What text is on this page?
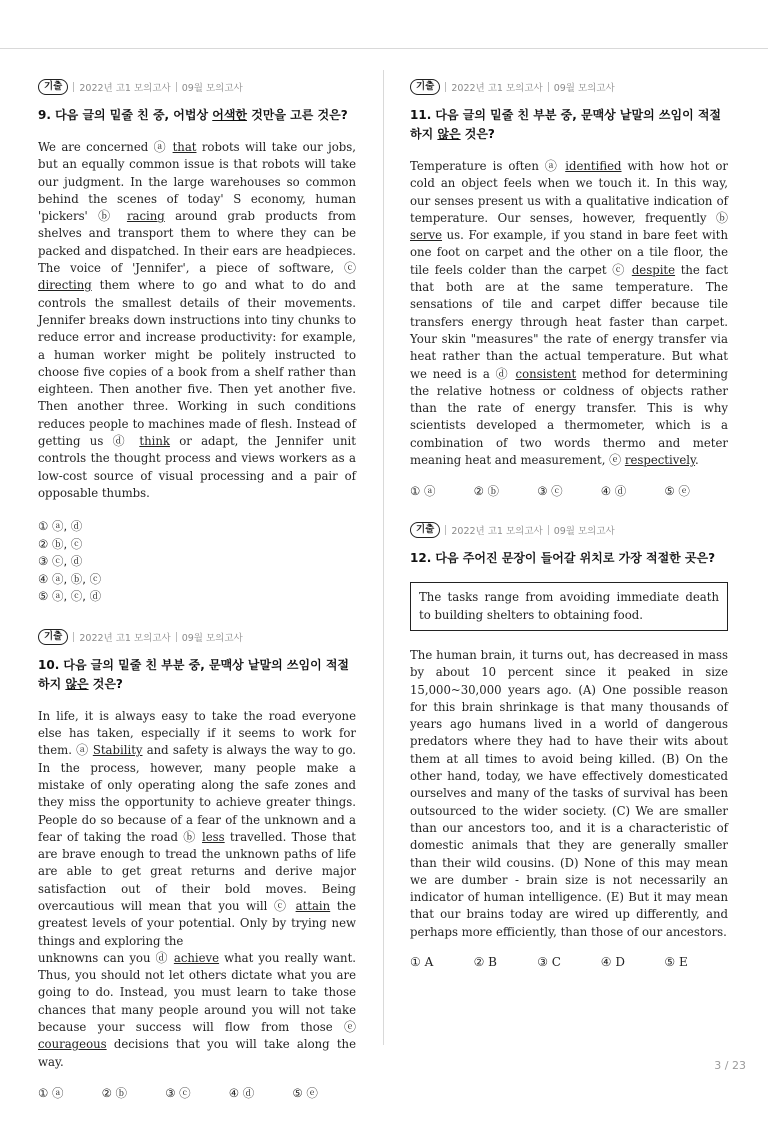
기출	2022년 고1 모의고사 09월 모의고사

9. 다음 글의 밑줄 친 중, 어법상 어색한 것만을 고른 것은?

We are concerned ⓐ that robots will take our jobs, but an equally common issue is that robots will take our judgment. In the large warehouses so common behind the scenes of today' S economy, human 'pickers' ⓑ racing around grab products from shelves and transport them to where they can be packed and dispatched. In their ears are headpieces. The voice of 'Jennifer', a piece of software, ⓒ directing them where to go and what to do and controls the smallest details of their movements. Jennifer breaks down instructions into tiny chunks to reduce error and increase productivity: for example, a human worker might be politely instructed to choose five copies of a book from a shelf rather than eighteen. Then another five. Then yet another five. Then another three. Working in such conditions reduces people to machines made of flesh. Instead of getting us ⓓ think or adapt, the Jennifer unit controls the thought process and views workers as a low-cost source of visual processing and a pair of opposable thumbs.

① ⓐ, ⓓ
② ⓑ, ⓒ
③ ⓒ, ⓓ
④ ⓐ, ⓑ, ⓒ
⑤ ⓐ, ⓒ, ⓓ
기출	2022년 고1 모의고사 09월 모의고사

10. 다음 글의 밑줄 친 부분 중, 문맥상 낱말의 쓰임이 적절하지 않은 것은?

In life, it is always easy to take the road everyone else has taken, especially if it seems to work for them. ⓐ Stability and safety is always the way to go. In the process, however, many people make a mistake of only operating along the safe zones and they miss the opportunity to achieve greater things. People do so because of a fear of the unknown and a fear of taking the road ⓑ less travelled. Those that are brave enough to tread the unknown paths of life are able to get great returns and derive major satisfaction out of their bold moves. Being overcautious will mean that you will ⓒ attain the greatest levels of your potential. Only by trying new things and exploring the
unknowns can you ⓓ achieve what you really want. Thus, you should not let others dictate what you are going to do. Instead, you must learn to take those chances that many people around you will not take because your success will flow from those ⓔ courageous decisions that you will take along the way.

① ⓐ	② ⓑ	③ ⓒ	④ ⓓ	⑤ ⓔ
기출	2022년 고1 모의고사 09월 모의고사

11. 다음 글의 밑줄 친 부분 중, 문맥상 낱말의 쓰임이 적절하지 않은 것은?

Temperature is often ⓐ identified with how hot or cold an object feels when we touch it. In this way, our senses present us with a qualitative indication of temperature. Our senses, however, frequently ⓑ serve us. For example, if you stand in bare feet with one foot on carpet and the other on a tile floor, the tile feels colder than the carpet ⓒ despite the fact that both are at the same temperature. The sensations of tile and carpet differ because tile transfers energy through heat faster than carpet. Your skin "measures" the rate of energy transfer via heat rather than the actual temperature. But what we need is a ⓓ consistent method for determining the relative hotness or coldness of objects rather than the rate of energy transfer. This is why scientists developed a thermometer, which is a combination of two words thermo and meter meaning heat and measurement, ⓔ respectively.

① ⓐ	② ⓑ	③ ⓒ	④ ⓓ	⑤ ⓔ
기출	2022년 고1 모의고사 09월 모의고사

12. 다음 주어진 문장이 들어갈 위치로 가장 적절한 곳은?

The tasks range from avoiding immediate death to building shelters to obtaining food.

The human brain, it turns out, has decreased in mass by about 10 percent since it peaked in size 15,000~30,000 years ago. (A) One possible reason for this brain shrinkage is that many thousands of years ago humans lived in a world of dangerous predators where they had to have their wits about them at all times to avoid being killed. (B) On the other hand, today, we have effectively domesticated ourselves and many of the tasks of survival has been outsourced to the wider society. (C) We are smaller than our ancestors too, and it is a characteristic of domestic animals that they are generally smaller than their wild cousins. (D) None of this may mean we are dumber - brain size is not necessarily an indicator of human intelligence. (E) But it may mean that our brains today are wired up differently, and perhaps more efficiently, than those of our ancestors.

① A	② B	③ C	④ D	⑤ E
3 / 23
